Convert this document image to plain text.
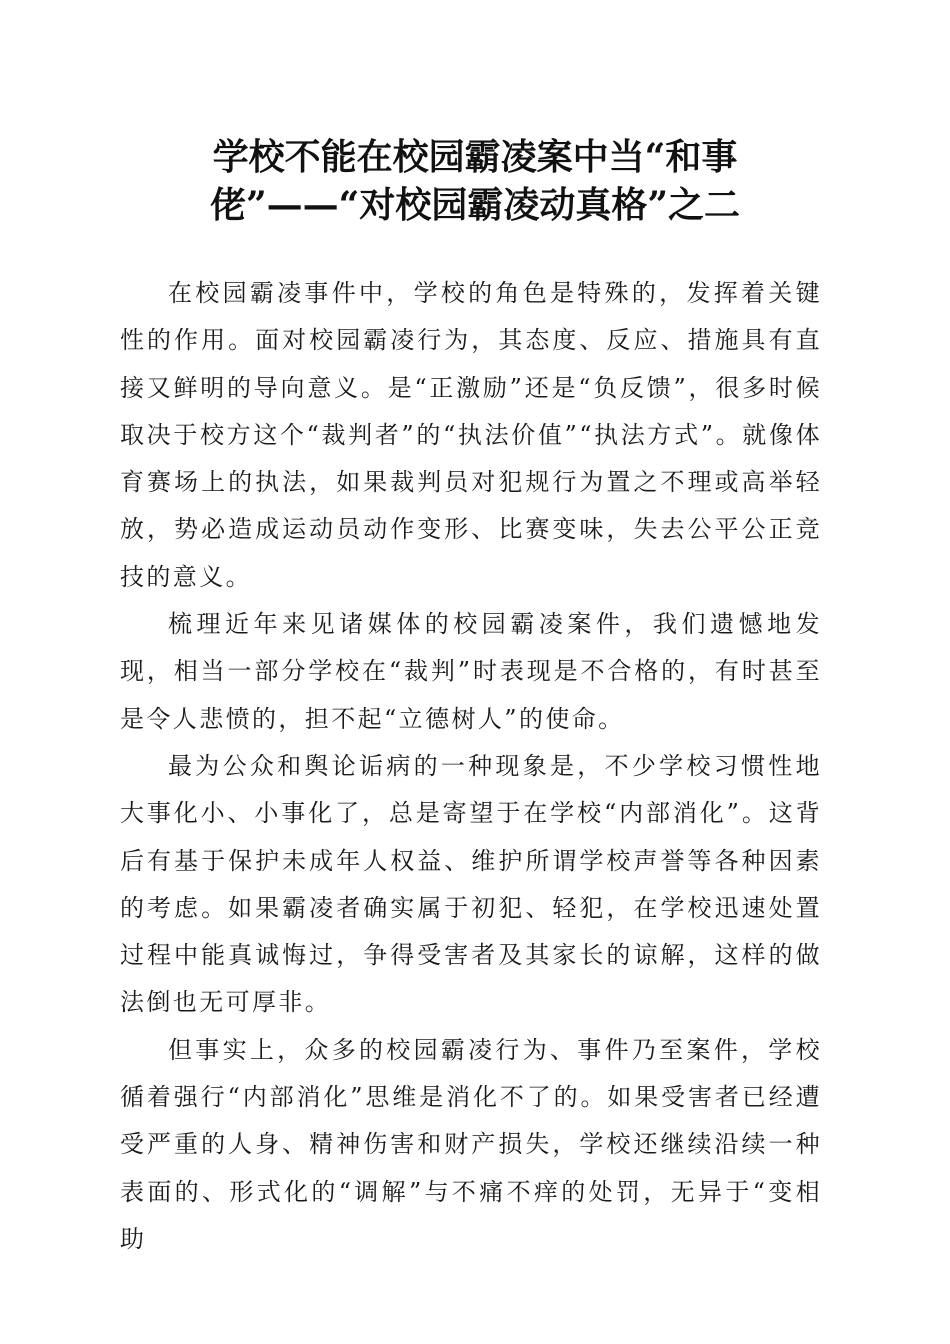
学校不能在校园霸凌案中当“和事
佬”——“对校园霸凌动真格”之二

在校园霸凌事件中，学校的角色是特殊的，发挥着关键性的作用。面对校园霸凌行为，其态度、反应、措施具有直接又鲜明的导向意义。是“正激励”还是“负反馈”，很多时候取决于校方这个“裁判者”的“执法价值”“执法方式”。就像体育赛场上的执法，如果裁判员对犯规行为置之不理或高举轻放，势必造成运动员动作变形、比赛变味，失去公平公正竞技的意义。

梳理近年来见诸媒体的校园霸凌案件，我们遗憾地发现，相当一部分学校在“裁判”时表现是不合格的，有时甚至是令人悲愤的，担不起“立德树人”的使命。

最为公众和舆论诟病的一种现象是，不少学校习惯性地大事化小、小事化了，总是寄望于在学校“内部消化”。这背后有基于保护未成年人权益、维护所谓学校声誉等各种因素的考虑。如果霸凌者确实属于初犯、轻犯，在学校迅速处置过程中能真诚悔过，争得受害者及其家长的谅解，这样的做法倒也无可厚非。

但事实上，众多的校园霸凌行为、事件乃至案件，学校循着强行“内部消化”思维是消化不了的。如果受害者已经遭受严重的人身、精神伤害和财产损失，学校还继续沿续一种表面的、形式化的“调解”与不痛不痒的处罚，无异于“变相助
